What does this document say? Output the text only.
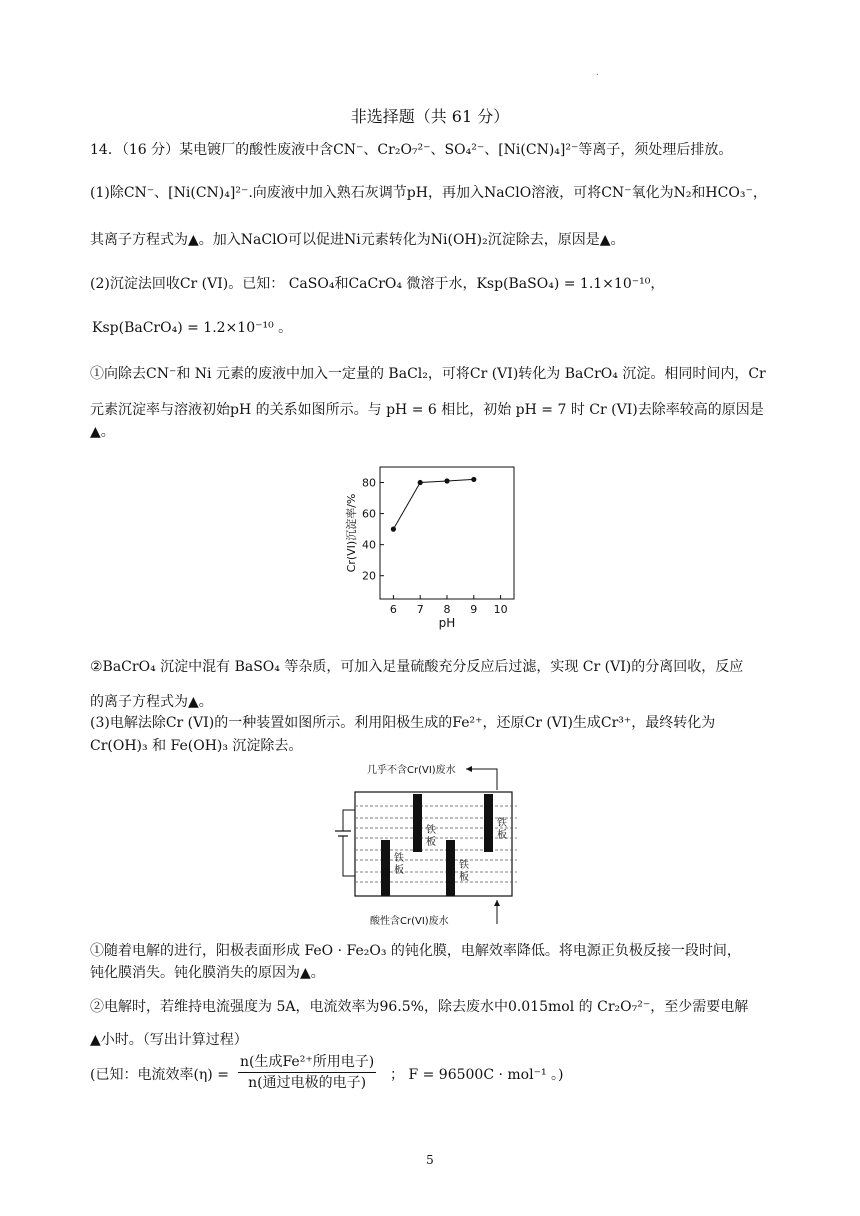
.
非选择题（共 61 分）
14．（16 分）某电镀厂的酸性废液中含CN⁻、Cr₂O₇²⁻、SO₄²⁻、[Ni(CN)₄]²⁻等离子，须处理后排放。
(1)除CN⁻、[Ni(CN)₄]²⁻.向废液中加入熟石灰调节pH，再加入NaClO溶液，可将CN⁻氧化为N₂和HCO₃⁻，
其离子方程式为▲。加入NaClO可以促进Ni元素转化为Ni(OH)₂沉淀除去，原因是▲。
(2)沉淀法回收Cr (VI)。已知： CaSO₄和CaCrO₄ 微溶于水，Ksp(BaSO₄) = 1.1×10⁻¹⁰，
Ksp(BaCrO₄) = 1.2×10⁻¹⁰ 。
①向除去CN⁻和 Ni 元素的废液中加入一定量的 BaCl₂，可将Cr (VI)转化为 BaCrO₄ 沉淀。相同时间内，Cr
元素沉淀率与溶液初始pH 的关系如图所示。与 pH = 6 相比，初始 pH = 7 时 Cr (VI)去除率较高的原因是
▲。
6 7 8 9 10
20
40
60
80
pH
Cr(VI)沉淀率/%
②BaCrO₄ 沉淀中混有 BaSO₄ 等杂质，可加入足量硫酸充分反应后过滤，实现 Cr (VI)的分离回收，反应
的离子方程式为▲。
(3)电解法除Cr (VI)的一种装置如图所示。利用阳极生成的Fe²⁺，还原Cr (VI)生成Cr³⁺，最终转化为
Cr(OH)₃ 和 Fe(OH)₃ 沉淀除去。
几乎不含Cr(VI)废水
铁板
铁板
铁板
铁板
酸性含Cr(VI)废水
①随着电解的进行，阳极表面形成 FeO · Fe₂O₃ 的钝化膜，电解效率降低。将电源正负极反接一段时间，
钝化膜消失。钝化膜消失的原因为▲。
②电解时，若维持电流强度为 5A，电流效率为96.5%，除去废水中0.015mol 的 Cr₂O₇²⁻，至少需要电解
▲小时。（写出计算过程）
(已知：电流效率(η) =
n(生成Fe²⁺所用电子)
n(通过电极的电子)	； F = 96500C · mol⁻¹ 。)
5
